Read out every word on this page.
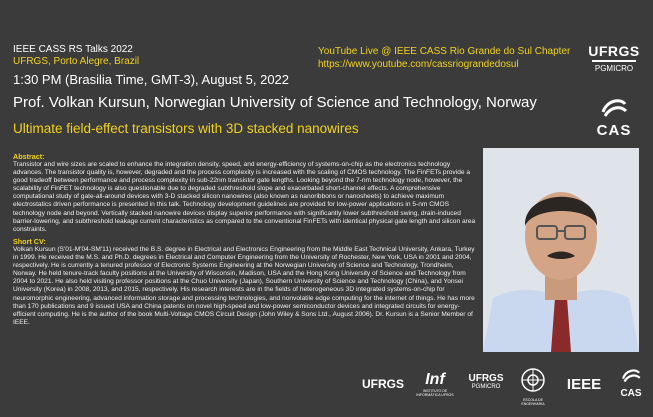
IEEE CASS RS Talks 2022
UFRGS, Porto Alegre, Brazil
1:30 PM (Brasilia Time, GMT-3), August 5, 2022
YouTube Live @ IEEE CASS Rio Grande do Sul Chapter
https://www.youtube.com/cassriograndedosul
Prof. Volkan Kursun, Norwegian University of Science and Technology, Norway
Ultimate field-effect transistors with 3D stacked nanowires
UFRGS
PGMICRO
CAS
Abstract:

Transistor and wire sizes are scaled to enhance the integration density, speed, and energy-efficiency of systems-on-chip as the electronics technology advances. The transistor quality is, however, degraded and the process complexity is increased with the scaling of CMOS technology. The FinFETs provide a good tradeoff between performance and process complexity in sub-22nm transistor gate lengths. Looking beyond the 7-nm technology node, however, the scalability of FinFET technology is also questionable due to degraded subthreshold slope and exacerbated short-channel effects. A comprehensive computational study of gate-all-around devices with 3-D stacked silicon nanowires (also known as nanoribbons or nanosheets) to achieve maximum electrostatics driven performance is presented in this talk. Technology development guidelines are provided for low-power applications in 5-nm CMOS technology node and beyond. Vertically stacked nanowire devices display superior performance with significantly lower subthreshold swing, drain-induced barrier-lowering, and subthreshold leakage current characteristics as compared to the conventional FinFETs with identical physical gate length and silicon area constraints.

Short CV:

Volkan Kursun (S'01-M'04-SM'11) received the B.S. degree in Electrical and Electronics Engineering from the Middle East Technical University, Ankara, Turkey in 1999. He received the M.S. and Ph.D. degrees in Electrical and Computer Engineering from the University of Rochester, New York, USA in 2001 and 2004, respectively. He is currently a tenured professor of Electronic Systems Engineering at the Norwegian University of Science and Technology, Trondheim, Norway. He held tenure-track faculty positions at the University of Wisconsin, Madison, USA and the Hong Kong University of Science and Technology from 2004 to 2021. He also held visiting professor positions at the Chuo University (Japan), Southern University of Science and Technology (China), and Yonsei University (Korea) in 2008, 2013, and 2015, respectively. His research interests are in the fields of heterogeneous 3D integrated systems-on-chip for neuromorphic engineering, advanced information storage and processing technologies, and nonvolatile edge computing for the internet of things. He has more than 170 publications and 9 issued USA and China patents on novel high-speed and low-power semiconductor devices and integrated circuits for energy-efficient computing. He is the author of the book Multi-Voltage CMOS Circuit Design (John Wiley & Sons Ltd., August 2006). Dr. Kursun is a Senior Member of IEEE.

UFRGS	Inf
INSTITUTO DE INFORMÁTICA UFRGS
UFRGS
PGMICRO
ESCOLA DE ENGENHARIA
IEEE
CAS
